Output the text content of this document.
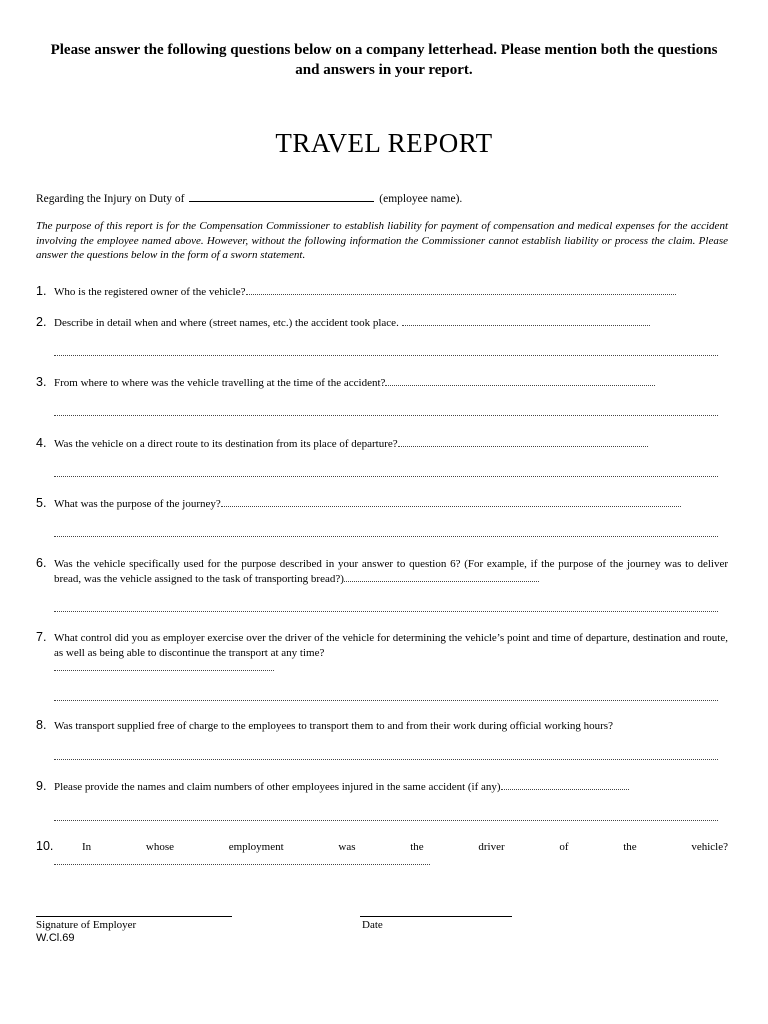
Please answer the following questions below on a company letterhead. Please mention both the questions and answers in your report.
TRAVEL REPORT
Regarding the Injury on Duty of	(employee name).
The purpose of this report is for the Compensation Commissioner to establish liability for payment of compensation and medical expenses for the accident involving the employee named above. However, without the following information the Commissioner cannot establish liability or process the claim. Please answer the questions below in the form of a sworn statement.
1. Who is the registered owner of the vehicle?
2. Describe in detail when and where (street names, etc.) the accident took place.
3. From where to where was the vehicle travelling at the time of the accident?
4. Was the vehicle on a direct route to its destination from its place of departure?
5. What was the purpose of the journey?
6. Was the vehicle specifically used for the purpose described in your answer to question 6? (For example, if the purpose of the journey was to deliver bread, was the vehicle assigned to the task of transporting bread?)
7. What control did you as employer exercise over the driver of the vehicle for determining the vehicle’s point and time of departure, destination and route, as well as being able to discontinue the transport at any time?

8. Was transport supplied free of charge to the employees to transport them to and from their work during official working hours?
9. Please provide the names and claim numbers of other employees injured in the same accident (if any)
10.	In whose employment was the driver of the vehicle?
Signature of Employer	Date
W.Cl.69
